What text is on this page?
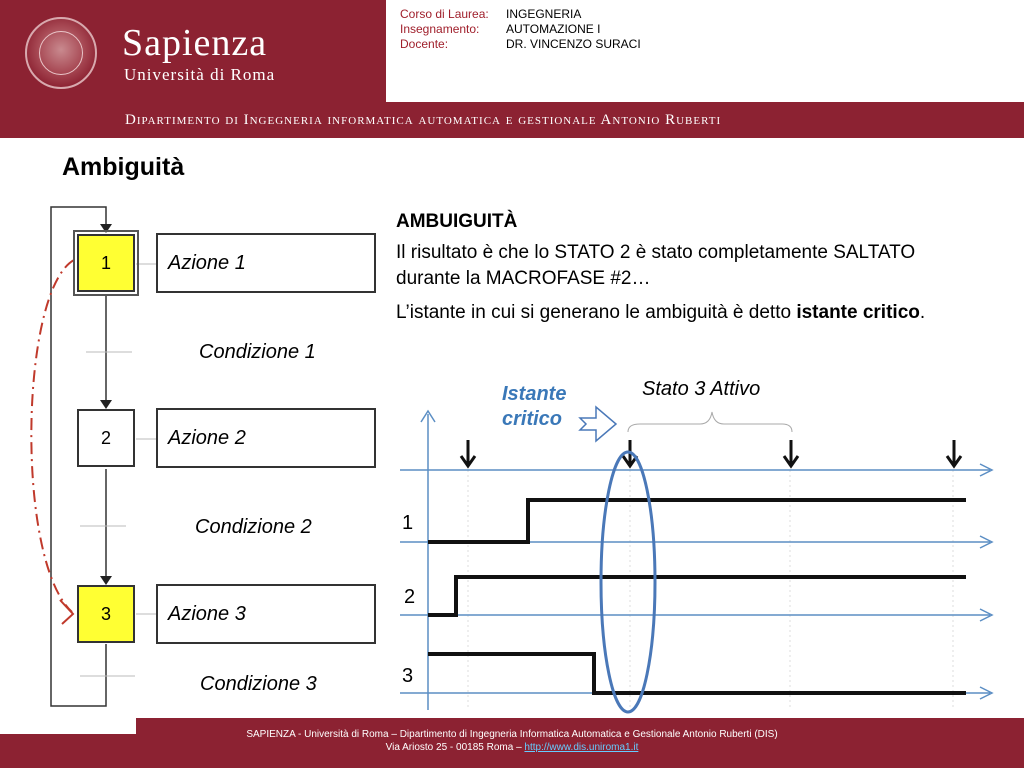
Sapienza
Università di Roma
Corso di Laurea:	INGEGNERIA
Insegnamento:	AUTOMAZIONE I
Docente:	DR. VINCENZO SURACI
Dipartimento di Ingegneria informatica automatica e gestionale Antonio Ruberti
Ambiguità
1
2
3
Azione 1
Azione 2
Azione 3
Condizione 1
Condizione 2
Condizione 3
AMBUIGUITÀ
Il risultato è che lo STATO 2 è stato completamente SALTATO durante la MACROFASE #2…
L’istante in cui si generano le ambiguità è detto istante critico.
Istante
critico
Stato 3 Attivo
1
2
3
SAPIENZA - Università di Roma – Dipartimento di Ingegneria Informatica Automatica e Gestionale Antonio Ruberti (DIS)
Via Ariosto 25 - 00185 Roma – http://www.dis.uniroma1.it
